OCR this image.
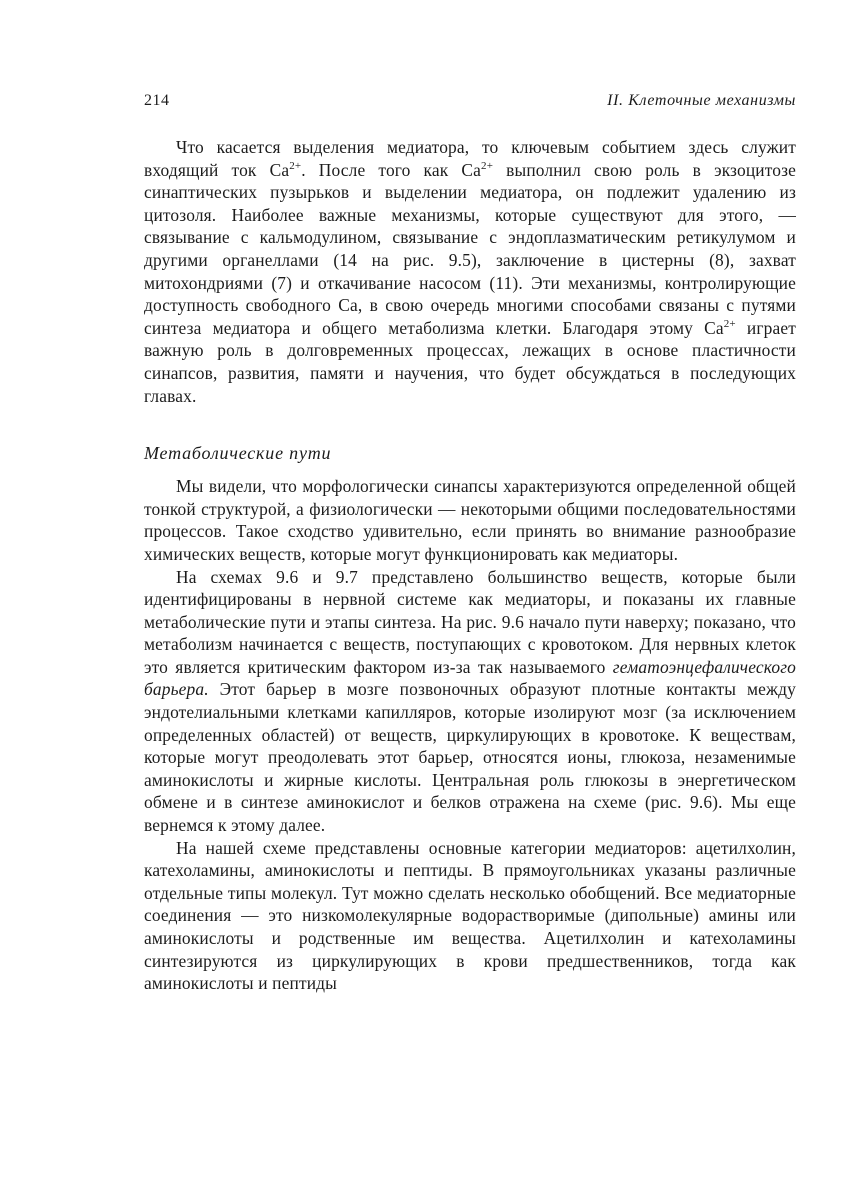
214	II. Клеточные механизмы

Что касается выделения медиатора, то ключевым событием здесь служит входящий ток $Ca^{2+}$. После того как $Ca^{2+}$ выполнил свою роль в экзоцитозе синаптических пузырьков и выделении медиатора, он подлежит удалению из цитозоля. Наиболее важные механизмы, которые существуют для этого, — связывание с кальмодулином, связывание с эндоплазматическим ретикулумом и другими органеллами (14 на рис. 9.5), заключение в цистерны (8), захват митохондриями (7) и откачивание насосом (11). Эти механизмы, контролирующие доступность свободного Ca, в свою очередь многими способами связаны с путями синтеза медиатора и общего метаболизма клетки. Благодаря этому $Ca^{2+}$ играет важную роль в долговременных процессах, лежащих в основе пластичности синапсов, развития, памяти и научения, что будет обсуждаться в последующих главах.

Метаболические пути

Мы видели, что морфологически синапсы характеризуются определенной общей тонкой структурой, а физиологически — некоторыми общими последовательностями процессов. Такое сходство удивительно, если принять во внимание разнообразие химических веществ, которые могут функционировать как медиаторы.

На схемах 9.6 и 9.7 представлено большинство веществ, которые были идентифицированы в нервной системе как медиаторы, и показаны их главные метаболические пути и этапы синтеза. На рис. 9.6 начало пути наверху; показано, что метаболизм начинается с веществ, поступающих с кровотоком. Для нервных клеток это является критическим фактором из-за так называемого гематоэнцефалического барьера. Этот барьер в мозге позвоночных образуют плотные контакты между эндотелиальными клетками капилляров, которые изолируют мозг (за исключением определенных областей) от веществ, циркулирующих в кровотоке. К веществам, которые могут преодолевать этот барьер, относятся ионы, глюкоза, незаменимые аминокислоты и жирные кислоты. Центральная роль глюкозы в энергетическом обмене и в синтезе аминокислот и белков отражена на схеме (рис. 9.6). Мы еще вернемся к этому далее.

На нашей схеме представлены основные категории медиаторов: ацетилхолин, катехоламины, аминокислоты и пептиды. В прямоугольниках указаны различные отдельные типы молекул. Тут можно сделать несколько обобщений. Все медиаторные соединения — это низкомолекулярные водорастворимые (дипольные) амины или аминокислоты и родственные им вещества. Ацетилхолин и катехоламины синтезируются из циркулирующих в крови предшественников, тогда как аминокислоты и пептиды
